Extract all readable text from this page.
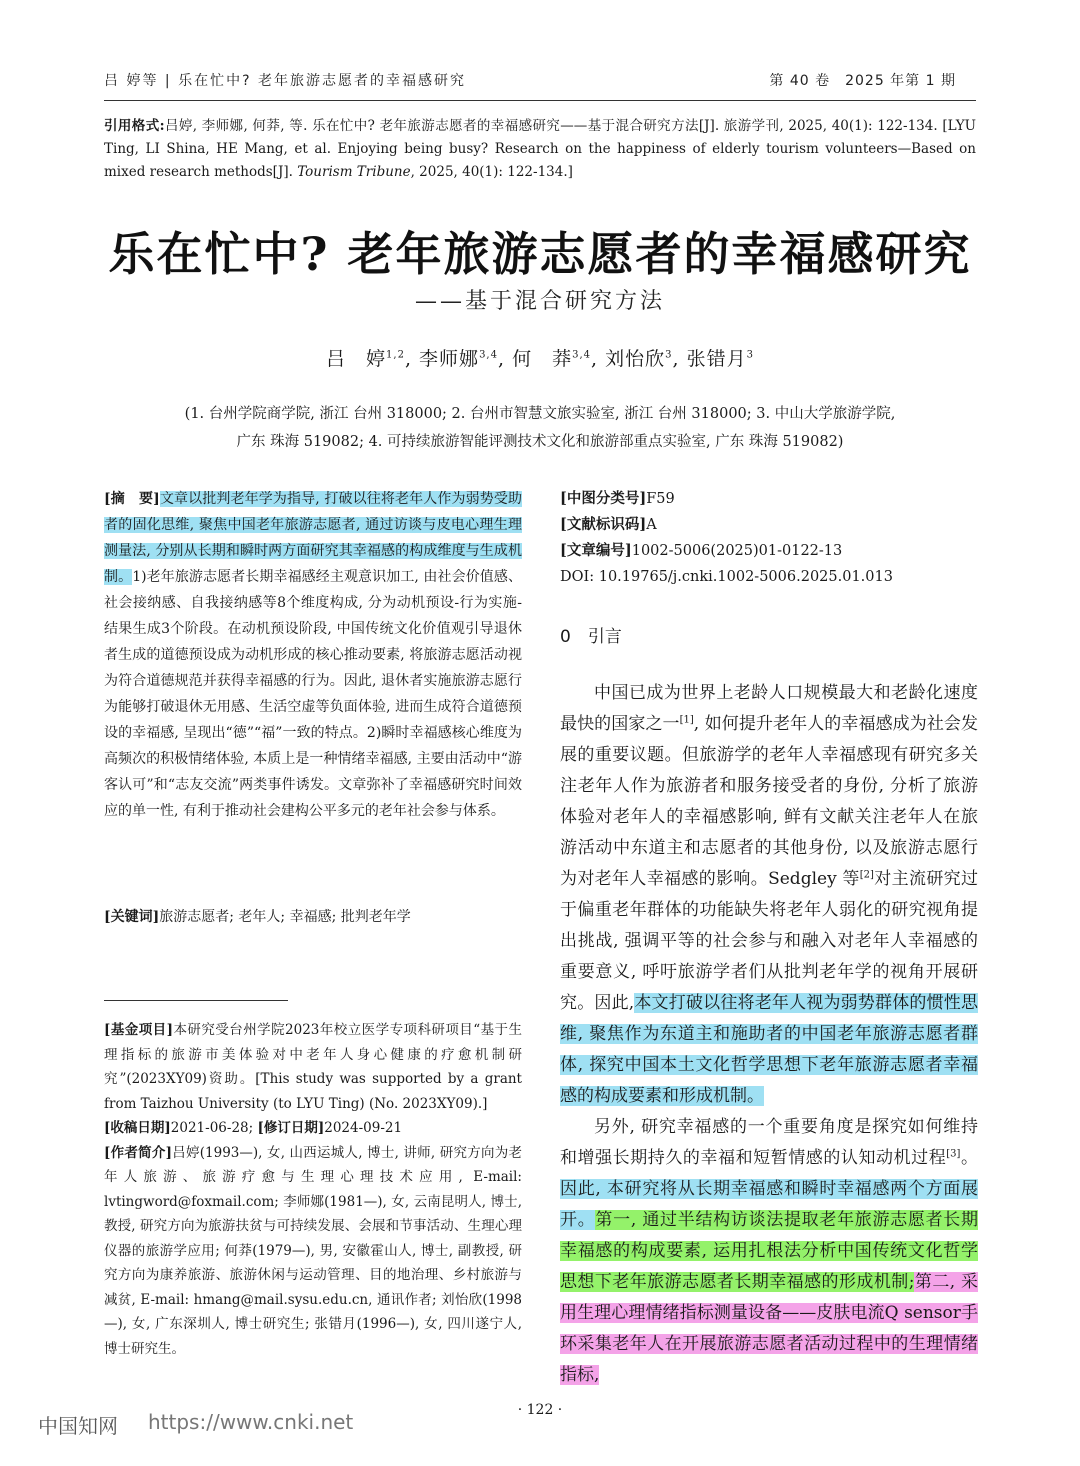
吕 婷等 | 乐在忙中? 老年旅游志愿者的幸福感研究	第 40 卷　2025 年第 1 期
引用格式:吕婷, 李师娜, 何莽, 等. 乐在忙中? 老年旅游志愿者的幸福感研究——基于混合研究方法[J]. 旅游学刊, 2025, 40(1): 122-134. [LYU Ting, LI Shina, HE Mang, et al. Enjoying being busy? Research on the happiness of elderly tourism volunteers—Based on mixed research methods[J]. Tourism Tribune, 2025, 40(1): 122-134.]
乐在忙中? 老年旅游志愿者的幸福感研究
——基于混合研究方法
吕　婷$^{1,2}$, 李师娜$^{3,4}$, 何　莽$^{3,4}$, 刘怡欣$^3$, 张错月$^3$
(1. 台州学院商学院, 浙江 台州 318000; 2. 台州市智慧文旅实验室, 浙江 台州 318000; 3. 中山大学旅游学院,
广东 珠海 519082; 4. 可持续旅游智能评测技术文化和旅游部重点实验室, 广东 珠海 519082)
[摘　要]文章以批判老年学为指导, 打破以往将老年人作为弱势受助者的固化思维, 聚焦中国老年旅游志愿者, 通过访谈与皮电心理生理测量法, 分别从长期和瞬时两方面研究其幸福感的构成维度与生成机制。1)老年旅游志愿者长期幸福感经主观意识加工, 由社会价值感、社会接纳感、自我接纳感等8个维度构成, 分为动机预设-行为实施-结果生成3个阶段。在动机预设阶段, 中国传统文化价值观引导退休者生成的道德预设成为动机形成的核心推动要素, 将旅游志愿活动视为符合道德规范并获得幸福感的行为。因此, 退休者实施旅游志愿行为能够打破退休无用感、生活空虚等负面体验, 进而生成符合道德预设的幸福感, 呈现出“德”“福”一致的特点。2)瞬时幸福感核心维度为高频次的积极情绪体验, 本质上是一种情绪幸福感, 主要由活动中“游客认可”和“志友交流”两类事件诱发。文章弥补了幸福感研究时间效应的单一性, 有利于推动社会建构公平多元的老年社会参与体系。
[关键词]旅游志愿者; 老年人; 幸福感; 批判老年学
[基金项目]本研究受台州学院2023年校立医学专项科研项目“基于生理指标的旅游市美体验对中老年人身心健康的疗愈机制研究”(2023XY09)资助。[This study was supported by a grant from Taizhou University (to LYU Ting) (No. 2023XY09).]
[收稿日期]2021-06-28; [修订日期]2024-09-21
[作者简介]吕婷(1993—), 女, 山西运城人, 博士, 讲师, 研究方向为老年人旅游、旅游疗愈与生理心理技术应用, E-mail: lvtingword@foxmail.com; 李师娜(1981—), 女, 云南昆明人, 博士, 教授, 研究方向为旅游扶贫与可持续发展、会展和节事活动、生理心理仪器的旅游学应用; 何莽(1979—), 男, 安徽霍山人, 博士, 副教授, 研究方向为康养旅游、旅游休闲与运动管理、目的地治理、乡村旅游与减贫, E-mail: hmang@mail.sysu.edu.cn, 通讯作者; 刘怡欣(1998—), 女, 广东深圳人, 博士研究生; 张错月(1996—), 女, 四川遂宁人, 博士研究生。
[中图分类号]F59
[文献标识码]A
[文章编号]1002-5006(2025)01-0122-13
DOI: 10.19765/j.cnki.1002-5006.2025.01.013
0　引言

中国已成为世界上老龄人口规模最大和老龄化速度最快的国家之一[1], 如何提升老年人的幸福感成为社会发展的重要议题。但旅游学的老年人幸福感现有研究多关注老年人作为旅游者和服务接受者的身份, 分析了旅游体验对老年人的幸福感影响, 鲜有文献关注老年人在旅游活动中东道主和志愿者的其他身份, 以及旅游志愿行为对老年人幸福感的影响。Sedgley 等[2]对主流研究过于偏重老年群体的功能缺失将老年人弱化的研究视角提出挑战, 强调平等的社会参与和融入对老年人幸福感的重要意义, 呼吁旅游学者们从批判老年学的视角开展研究。因此,本文打破以往将老年人视为弱势群体的惯性思维, 聚焦作为东道主和施助者的中国老年旅游志愿者群体, 探究中国本土文化哲学思想下老年旅游志愿者幸福感的构成要素和形成机制。

另外, 研究幸福感的一个重要角度是探究如何维持和增强长期持久的幸福和短暂情感的认知动机过程[3]。因此, 本研究将从长期幸福感和瞬时幸福感两个方面展开。第一, 通过半结构访谈法提取老年旅游志愿者长期幸福感的构成要素, 运用扎根法分析中国传统文化哲学思想下老年旅游志愿者长期幸福感的形成机制;第二, 采用生理心理情绪指标测量设备——皮肤电流Q sensor手环采集老年人在开展旅游志愿者活动过程中的生理情绪指标,

· 122 ·
中国知网 https://www.cnki.net
